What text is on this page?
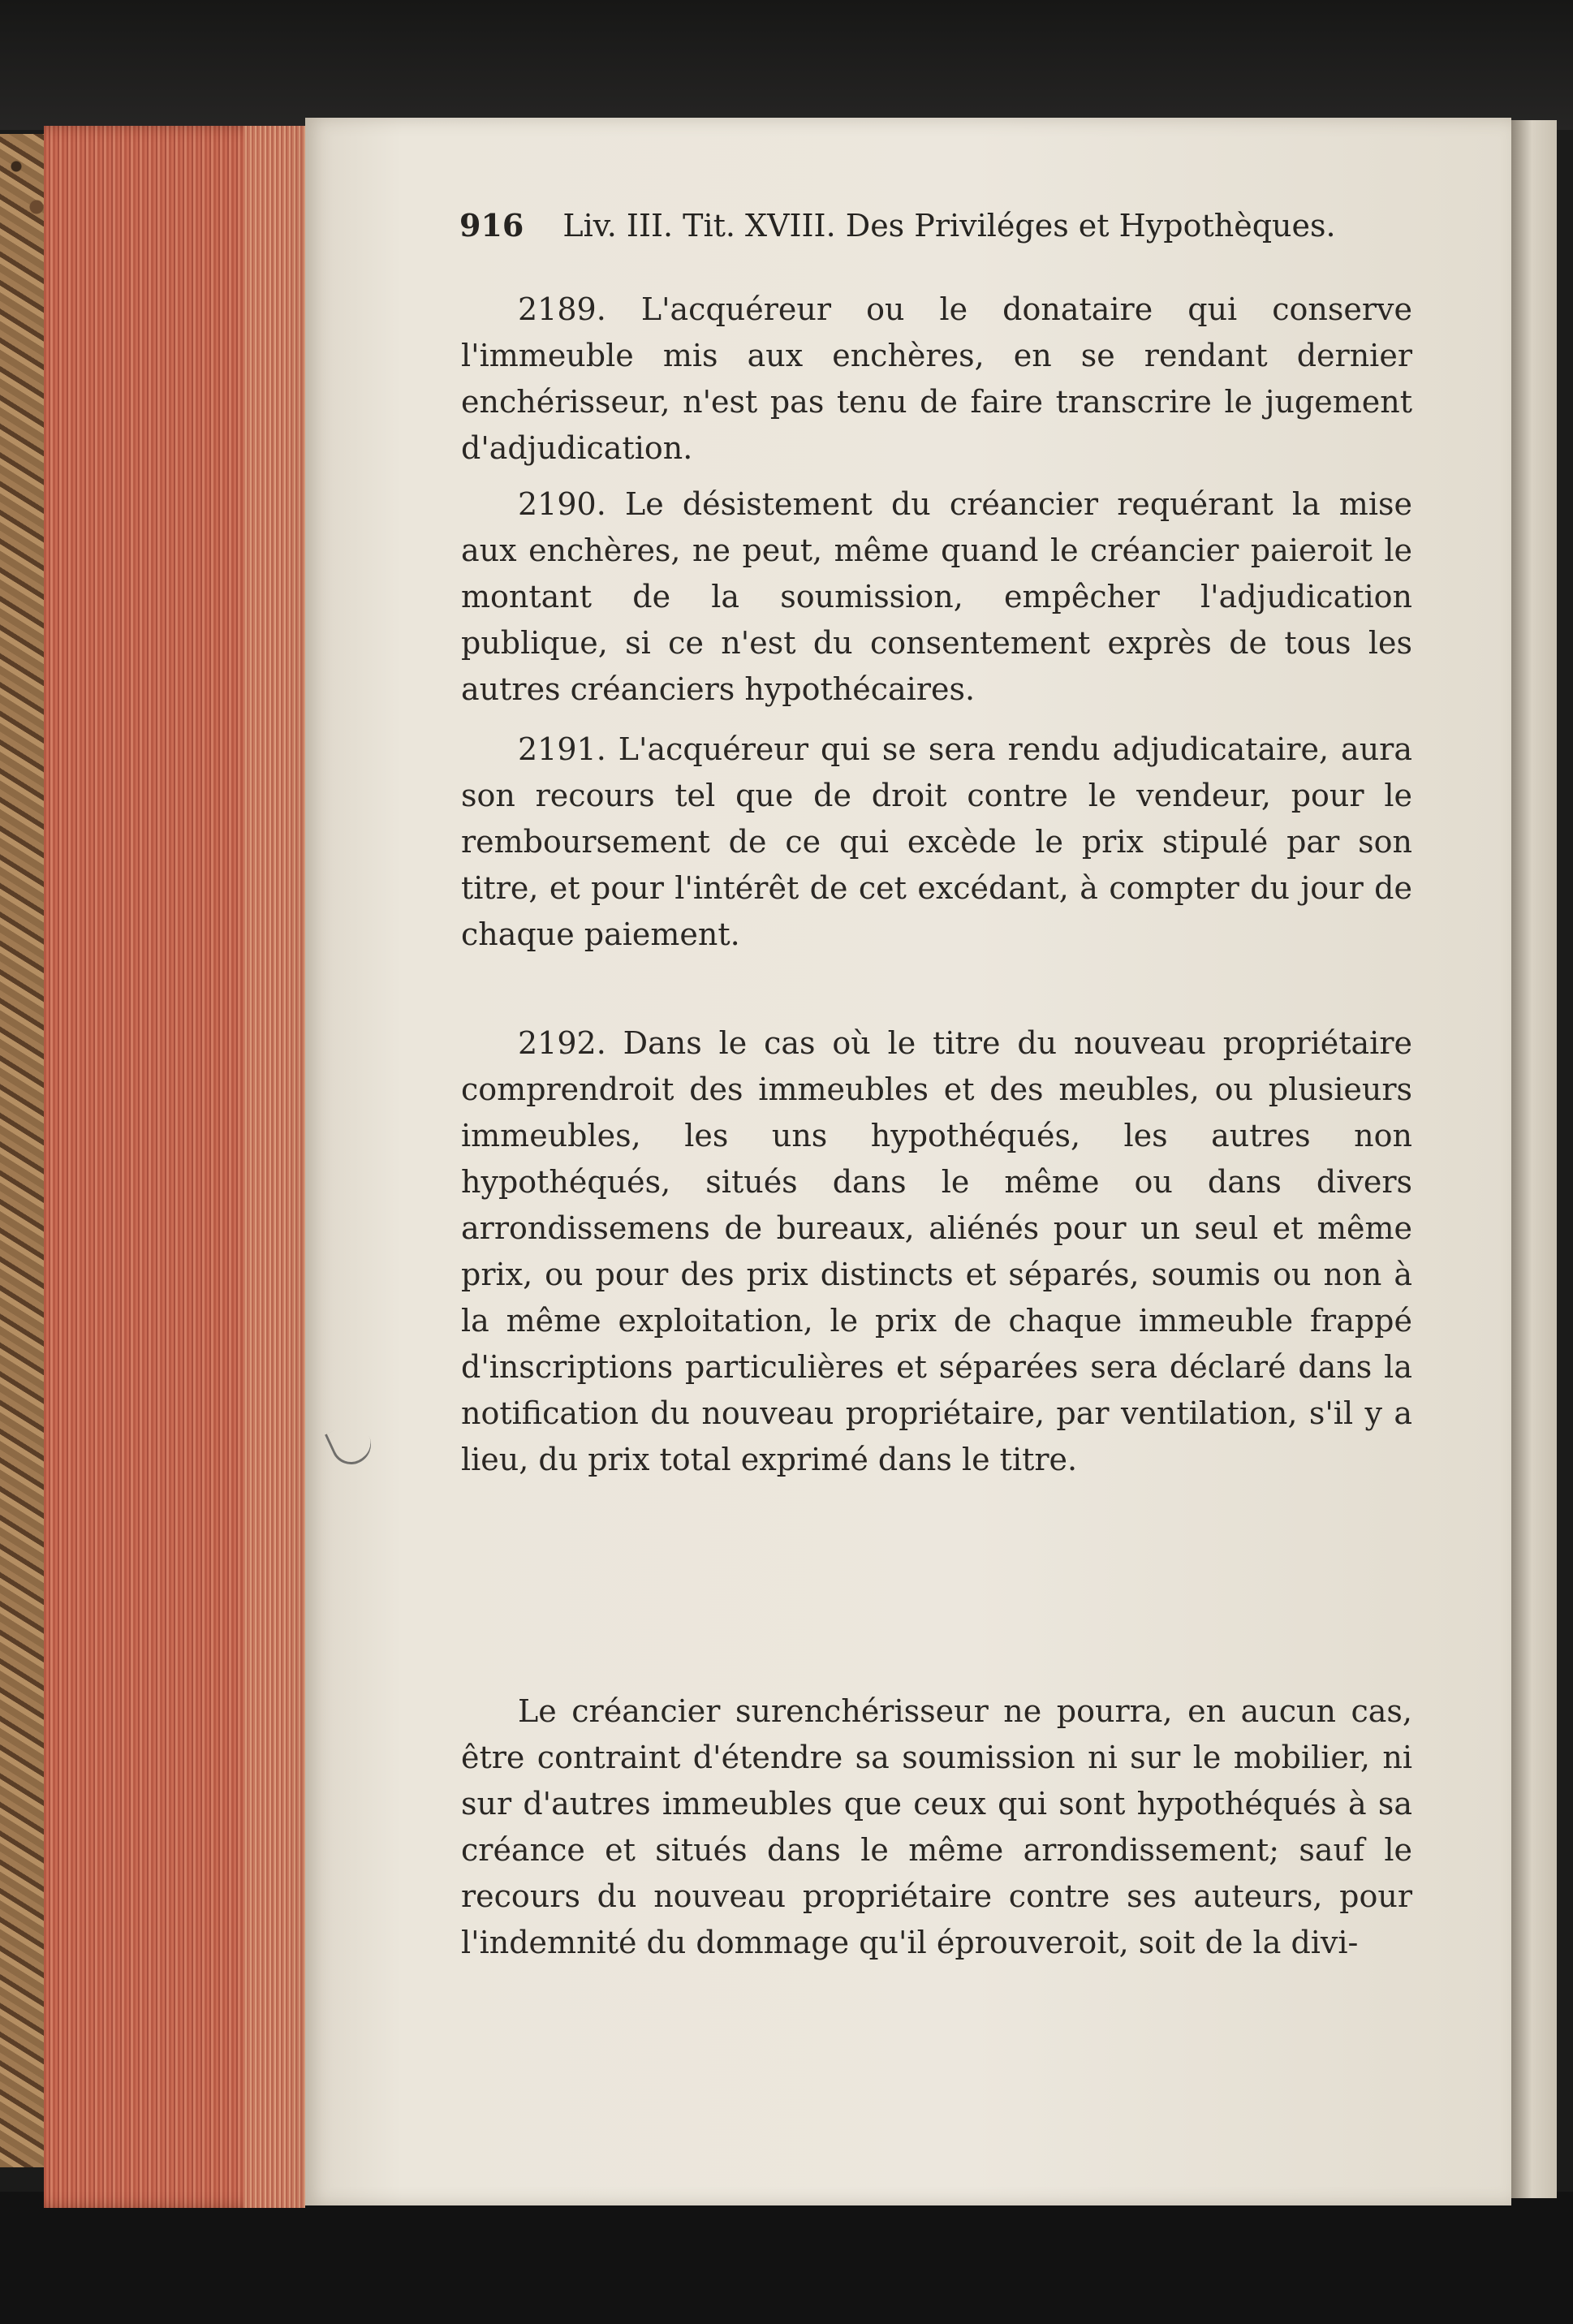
916 Liv. III. Tit. XVIII. Des Priviléges et Hypothèques.

2189. L'acquéreur ou le donataire qui conserve l'immeuble mis aux enchères, en se rendant dernier enchérisseur, n'est pas tenu de faire transcrire le jugement d'adjudication.

2190. Le désistement du créancier requérant la mise aux enchères, ne peut, même quand le créancier paieroit le montant de la soumission, empêcher l'adjudication publique, si ce n'est du consentement exprès de tous les autres créanciers hypothécaires.

2191. L'acquéreur qui se sera rendu adjudicataire, aura son recours tel que de droit contre le vendeur, pour le remboursement de ce qui excède le prix stipulé par son titre, et pour l'intérêt de cet excédant, à compter du jour de chaque paiement.

2192. Dans le cas où le titre du nouveau propriétaire comprendroit des immeubles et des meubles, ou plusieurs immeubles, les uns hypothéqués, les autres non hypothéqués, situés dans le même ou dans divers arrondissemens de bureaux, aliénés pour un seul et même prix, ou pour des prix distincts et séparés, soumis ou non à la même exploitation, le prix de chaque immeuble frappé d'inscriptions particulières et séparées sera déclaré dans la notification du nouveau propriétaire, par ventilation, s'il y a lieu, du prix total exprimé dans le titre.

Le créancier surenchérisseur ne pourra, en aucun cas, être contraint d'étendre sa soumission ni sur le mobilier, ni sur d'autres immeubles que ceux qui sont hypothéqués à sa créance et situés dans le même arrondissement; sauf le recours du nouveau propriétaire contre ses auteurs, pour l'indemnité du dommage qu'il éprouveroit, soit de la divi-
